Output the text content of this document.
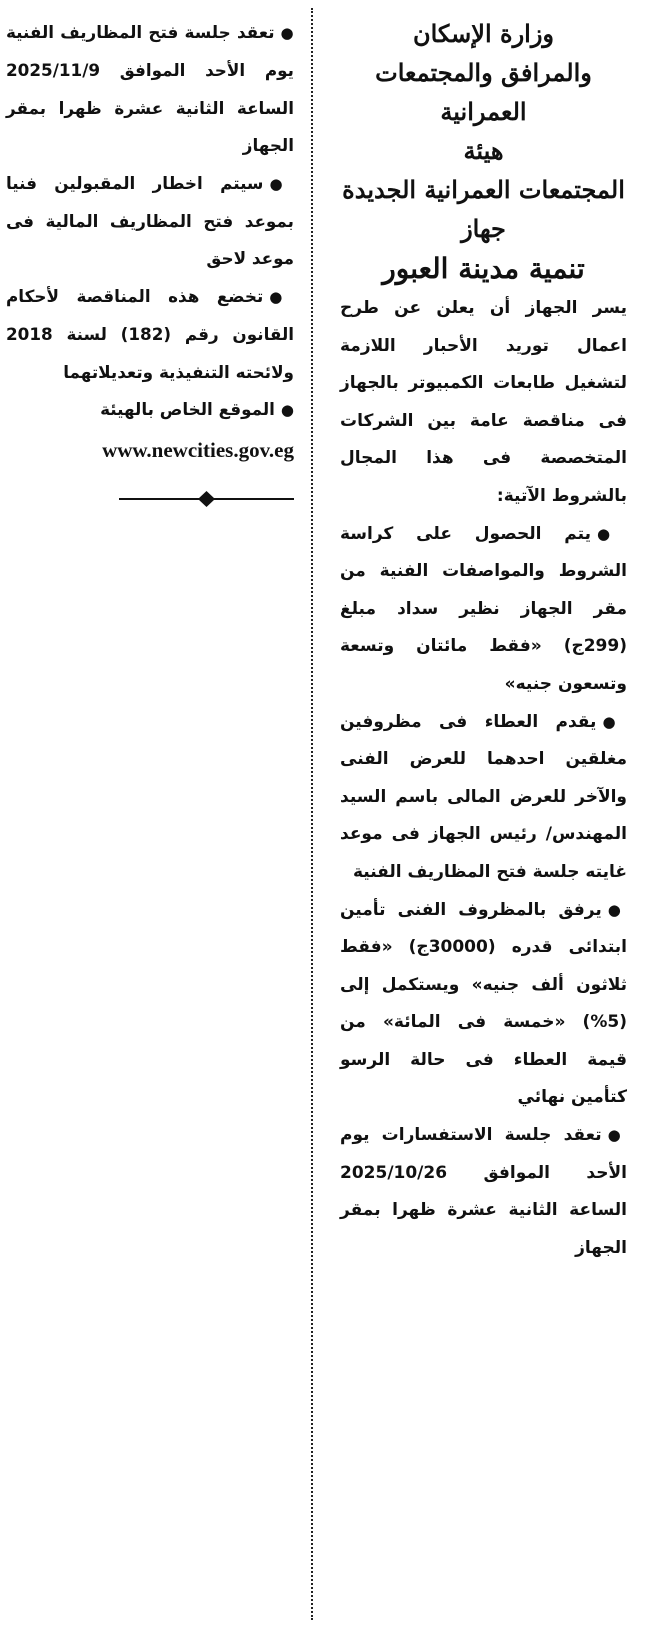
وزارة الإسكان

والمرافق والمجتمعات العمرانية

هيئة

المجتمعات العمرانية الجديدة

جهاز

تنمية مدينة العبور

يسر الجهاز أن يعلن عن طرح اعمال توريد الأحبار اللازمة لتشغيل طابعات الكمبيوتر بالجهاز فى مناقصة عامة بين الشركات المتخصصة فى هذا المجال بالشروط الآتية:

●يتم الحصول على كراسة الشروط والمواصفات الفنية من مقر الجهاز نظير سداد مبلغ (299ج) «فقط مائتان وتسعة وتسعون جنيه»

●يقدم العطاء فى مظروفين مغلقين احدهما للعرض الفنى والآخر للعرض المالى باسم السيد المهندس/ رئيس الجهاز فى موعد غايته جلسة فتح المظاريف الفنية

●يرفق بالمظروف الفنى تأمين ابتدائى قدره (30000ج) «فقط ثلاثون ألف جنيه» ويستكمل إلى (5%) «خمسة فى المائة» من قيمة العطاء فى حالة الرسو كتأمين نهائي

●تعقد جلسة الاستفسارات يوم الأحد الموافق 2025/10/26 الساعة الثانية عشرة ظهرا بمقر الجهاز

●تعقد جلسة فتح المظاريف الفنية يوم الأحد الموافق 2025/11/9 الساعة الثانية عشرة ظهرا بمقر الجهاز

●سيتم اخطار المقبولين فنيا بموعد فتح المظاريف المالية فى موعد لاحق

●تخضع هذه المناقصة لأحكام القانون رقم (182) لسنة 2018 ولائحته التنفيذية وتعديلاتهما

●الموقع الخاص بالهيئة

www.newcities.gov.eg
